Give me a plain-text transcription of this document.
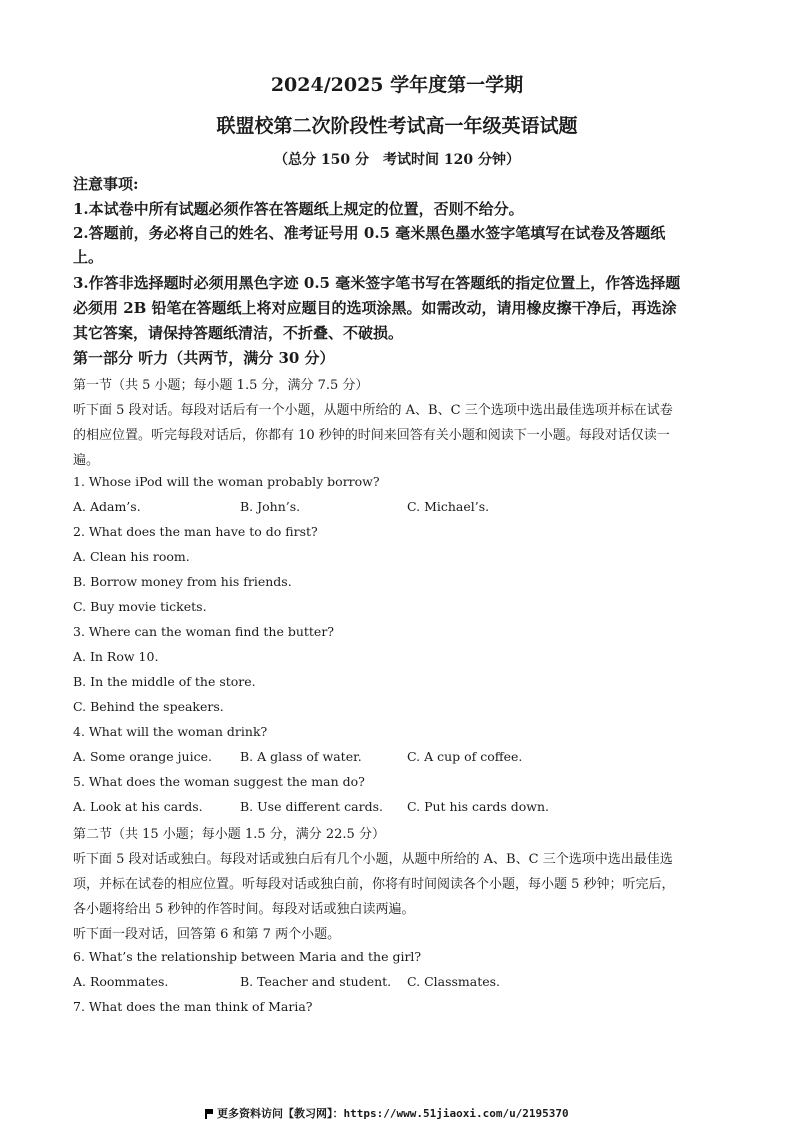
2024/2025 学年度第一学期
联盟校第二次阶段性考试高一年级英语试题
（总分 150 分　考试时间 120 分钟）
注意事项:
1.本试卷中所有试题必须作答在答题纸上规定的位置，否则不给分。
2.答题前，务必将自己的姓名、准考证号用 0.5 毫米黑色墨水签字笔填写在试卷及答题纸
上。
3.作答非选择题时必须用黑色字迹 0.5 毫米签字笔书写在答题纸的指定位置上，作答选择题
必须用 2B 铅笔在答题纸上将对应题目的选项涂黑。如需改动，请用橡皮擦干净后，再选涂
其它答案，请保持答题纸清洁，不折叠、不破损。
第一部分 听力（共两节，满分 30 分）
第一节（共 5 小题；每小题 1.5 分，满分 7.5 分）
听下面 5 段对话。每段对话后有一个小题，从题中所给的 A、B、C 三个选项中选出最佳选项并标在试卷
的相应位置。听完每段对话后，你都有 10 秒钟的时间来回答有关小题和阅读下一小题。每段对话仅读一
遍。
1. Whose iPod will the woman probably borrow?
A. Adam’s.	B. John’s.	C. Michael’s.
2. What does the man have to do first?
A. Clean his room.
B. Borrow money from his friends.
C. Buy movie tickets.
3. Where can the woman find the butter?
A. In Row 10.
B. In the middle of the store.
C. Behind the speakers.
4. What will the woman drink?
A. Some orange juice. B. A glass of water.	C. A cup of coffee.
5. What does the woman suggest the man do?
A. Look at his cards.	B. Use different cards. C. Put his cards down.
第二节（共 15 小题；每小题 1.5 分，满分 22.5 分）
听下面 5 段对话或独白。每段对话或独白后有几个小题，从题中所给的 A、B、C 三个选项中选出最佳选
项，并标在试卷的相应位置。听每段对话或独白前，你将有时间阅读各个小题，每小题 5 秒钟；听完后，
各小题将给出 5 秒钟的作答时间。每段对话或独白读两遍。
听下面一段对话，回答第 6 和第 7 两个小题。
6. What’s the relationship between Maria and the girl?
A. Roommates.	B. Teacher and student. C. Classmates.
7. What does the man think of Maria?
更多资料访问【教习网】：https://www.51jiaoxi.com/u/2195370
